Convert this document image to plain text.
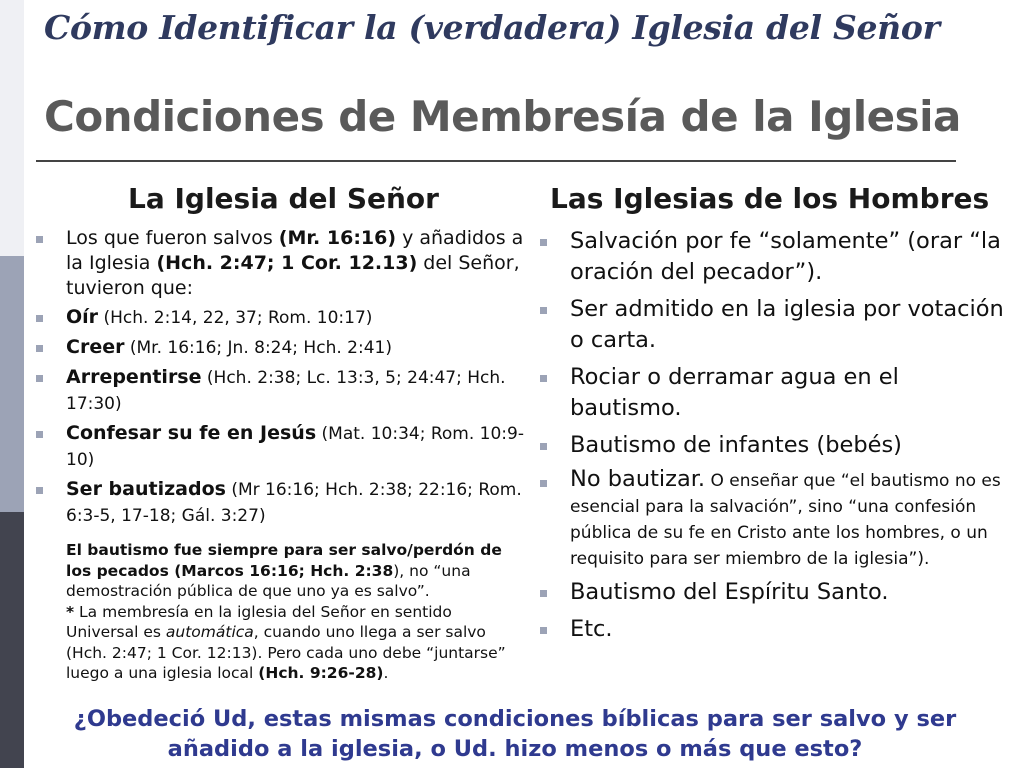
Cómo Identificar la (verdadera) Iglesia del Señor
Condiciones de Membresía de la Iglesia
La Iglesia del Señor	Las Iglesias de los Hombres
Los que fueron salvos (Mr. 16:16) y añadidos a la Iglesia (Hch. 2:47; 1 Cor. 12.13) del Señor, tuvieron que:
Oír (Hch. 2:14, 22, 37; Rom. 10:17)
Creer (Mr. 16:16; Jn. 8:24; Hch. 2:41)
Arrepentirse (Hch. 2:38; Lc. 13:3, 5; 24:47; Hch. 17:30)
Confesar su fe en Jesús (Mat. 10:34; Rom. 10:9-10)
Ser bautizados (Mr 16:16; Hch. 2:38; 22:16; Rom. 6:3-5, 17-18; Gál. 3:27)
El bautismo fue siempre para ser salvo/perdón de los pecados (Marcos 16:16; Hch. 2:38), no “una demostración pública de que uno ya es salvo”.
* La membresía en la iglesia del Señor en sentido Universal es automática, cuando uno llega a ser salvo (Hch. 2:47; 1 Cor. 12:13). Pero cada uno debe “juntarse” luego a una iglesia local (Hch. 9:26-28).
Salvación por fe “solamente” (orar “la oración del pecador”).
Ser admitido en la iglesia por votación o carta.
Rociar o derramar agua en el bautismo.
Bautismo de infantes (bebés)
No bautizar. O enseñar que “el bautismo no es esencial para la salvación”, sino “una confesión pública de su fe en Cristo ante los hombres, o un requisito para ser miembro de la iglesia”).
Bautismo del Espíritu Santo.
Etc.
¿Obedeció Ud, estas mismas condiciones bíblicas para ser salvo y ser añadido a la iglesia, o Ud. hizo menos o más que esto?
